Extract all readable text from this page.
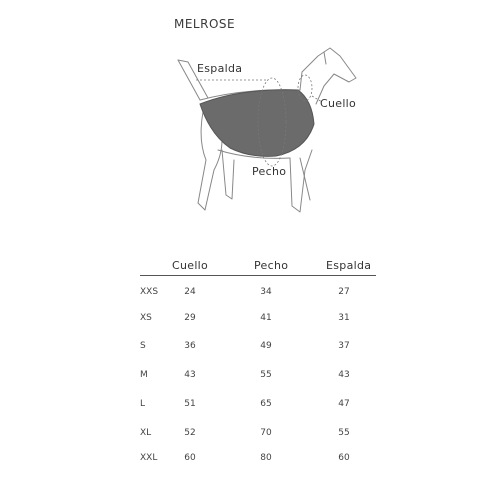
MELROSE
Espalda
Cuello
Pecho
Cuello	Pecho	Espalda
XXS	24	34	27
XS	29	41	31
S	36	49	37
M	43	55	43
L	51	65	47
XL	52	70	55
XXL	60	80	60
